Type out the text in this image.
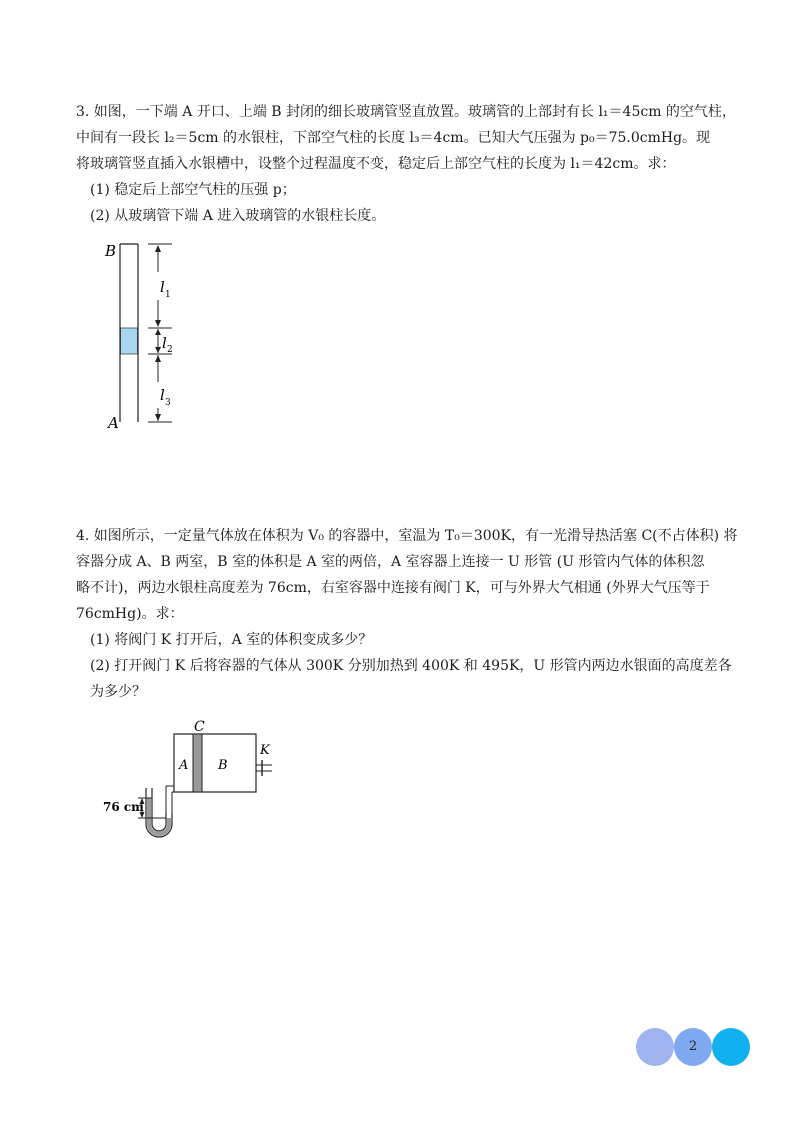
3. 如图，一下端 A 开口、上端 B 封闭的细长玻璃管竖直放置。玻璃管的上部封有长 l₁＝45cm 的空气柱，
中间有一段长 l₂＝5cm 的水银柱，下部空气柱的长度 l₃＝4cm。已知大气压强为 p₀＝75.0cmHg。现
将玻璃管竖直插入水银槽中，设整个过程温度不变，稳定后上部空气柱的长度为 l₁＝42cm。求：
(1) 稳定后上部空气柱的压强 p；
(2) 从玻璃管下端 A 进入玻璃管的水银柱长度。
B
A
l 1
l 2
l 3
4. 如图所示，一定量气体放在体积为 V₀ 的容器中，室温为 T₀＝300K，有一光滑导热活塞 C(不占体积) 将
容器分成 A、B 两室，B 室的体积是 A 室的两倍，A 室容器上连接一 U 形管 (U 形管内气体的体积忽
略不计)，两边水银柱高度差为 76cm，右室容器中连接有阀门 K，可与外界大气相通 (外界大气压等于
76cmHg)。求：
(1) 将阀门 K 打开后，A 室的体积变成多少？
(2) 打开阀门 K 后将容器的气体从 300K 分别加热到 400K 和 495K，U 形管内两边水银面的高度差各
为多少？
C
A B
K
76 cm
2
